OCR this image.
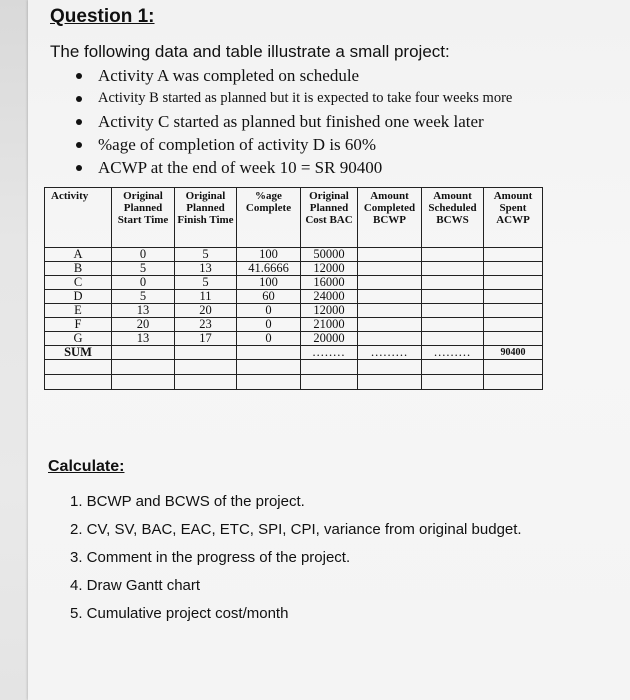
Question 1:
The following data and table illustrate a small project:
Activity A was completed on schedule
Activity B started as planned but it is expected to take four weeks more
Activity C started as planned but finished one week later
%age of completion of activity D is 60%
ACWP at the end of week 10 = SR 90400
Activity	Original Planned Start Time	Original Planned Finish Time	%age Complete	Original Planned Cost BAC	Amount Completed BCWP	Amount Scheduled BCWS	Amount Spent ACWP
A	0	5	100	50000			
B	5	13	41.6666	12000			
C	0	5	100	16000			
D	5	11	60	24000			
E	13	20	0	12000			
F	20	23	0	21000			
G	13	17	0	20000			
SUM				........	.........	.........	90400

Calculate:
1. BCWP and BCWS of the project.
2. CV, SV, BAC, EAC, ETC, SPI, CPI, variance from original budget.
3. Comment in the progress of the project.
4. Draw Gantt chart
5. Cumulative project cost/month
